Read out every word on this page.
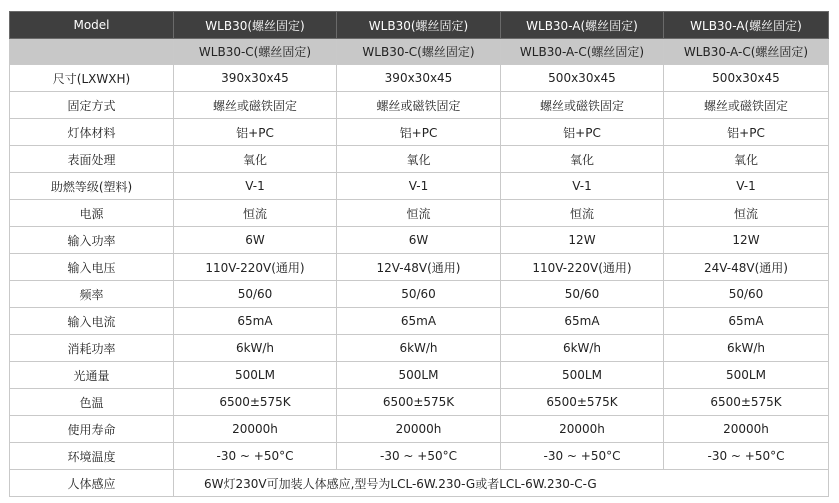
Model	WLB30(螺丝固定)	WLB30(螺丝固定)	WLB30-A(螺丝固定)	WLB30-A(螺丝固定)
	WLB30-C(螺丝固定)	WLB30-C(螺丝固定)	WLB30-A-C(螺丝固定)	WLB30-A-C(螺丝固定)
尺寸(LXWXH)	390x30x45	390x30x45	500x30x45	500x30x45
固定方式	螺丝或磁铁固定	螺丝或磁铁固定	螺丝或磁铁固定	螺丝或磁铁固定
灯体材料	铝+PC	铝+PC	铝+PC	铝+PC
表面处理	氧化	氧化	氧化	氧化
助燃等级(塑料)	V-1	V-1	V-1	V-1
电源	恒流	恒流	恒流	恒流
输入功率	6W	6W	12W	12W
输入电压	110V-220V(通用)	12V-48V(通用)	110V-220V(通用)	24V-48V(通用)
频率	50/60	50/60	50/60	50/60
输入电流	65mA	65mA	65mA	65mA
消耗功率	6kW/h	6kW/h	6kW/h	6kW/h
光通量	500LM	500LM	500LM	500LM
色温	6500±575K	6500±575K	6500±575K	6500±575K
使用寿命	20000h	20000h	20000h	20000h
环境温度	-30 ~ +50°C	-30 ~ +50°C	-30 ~ +50°C	-30 ~ +50°C
人体感应	6W灯230V可加装人体感应,型号为LCL-6W.230-G或者LCL-6W.230-C-G			
